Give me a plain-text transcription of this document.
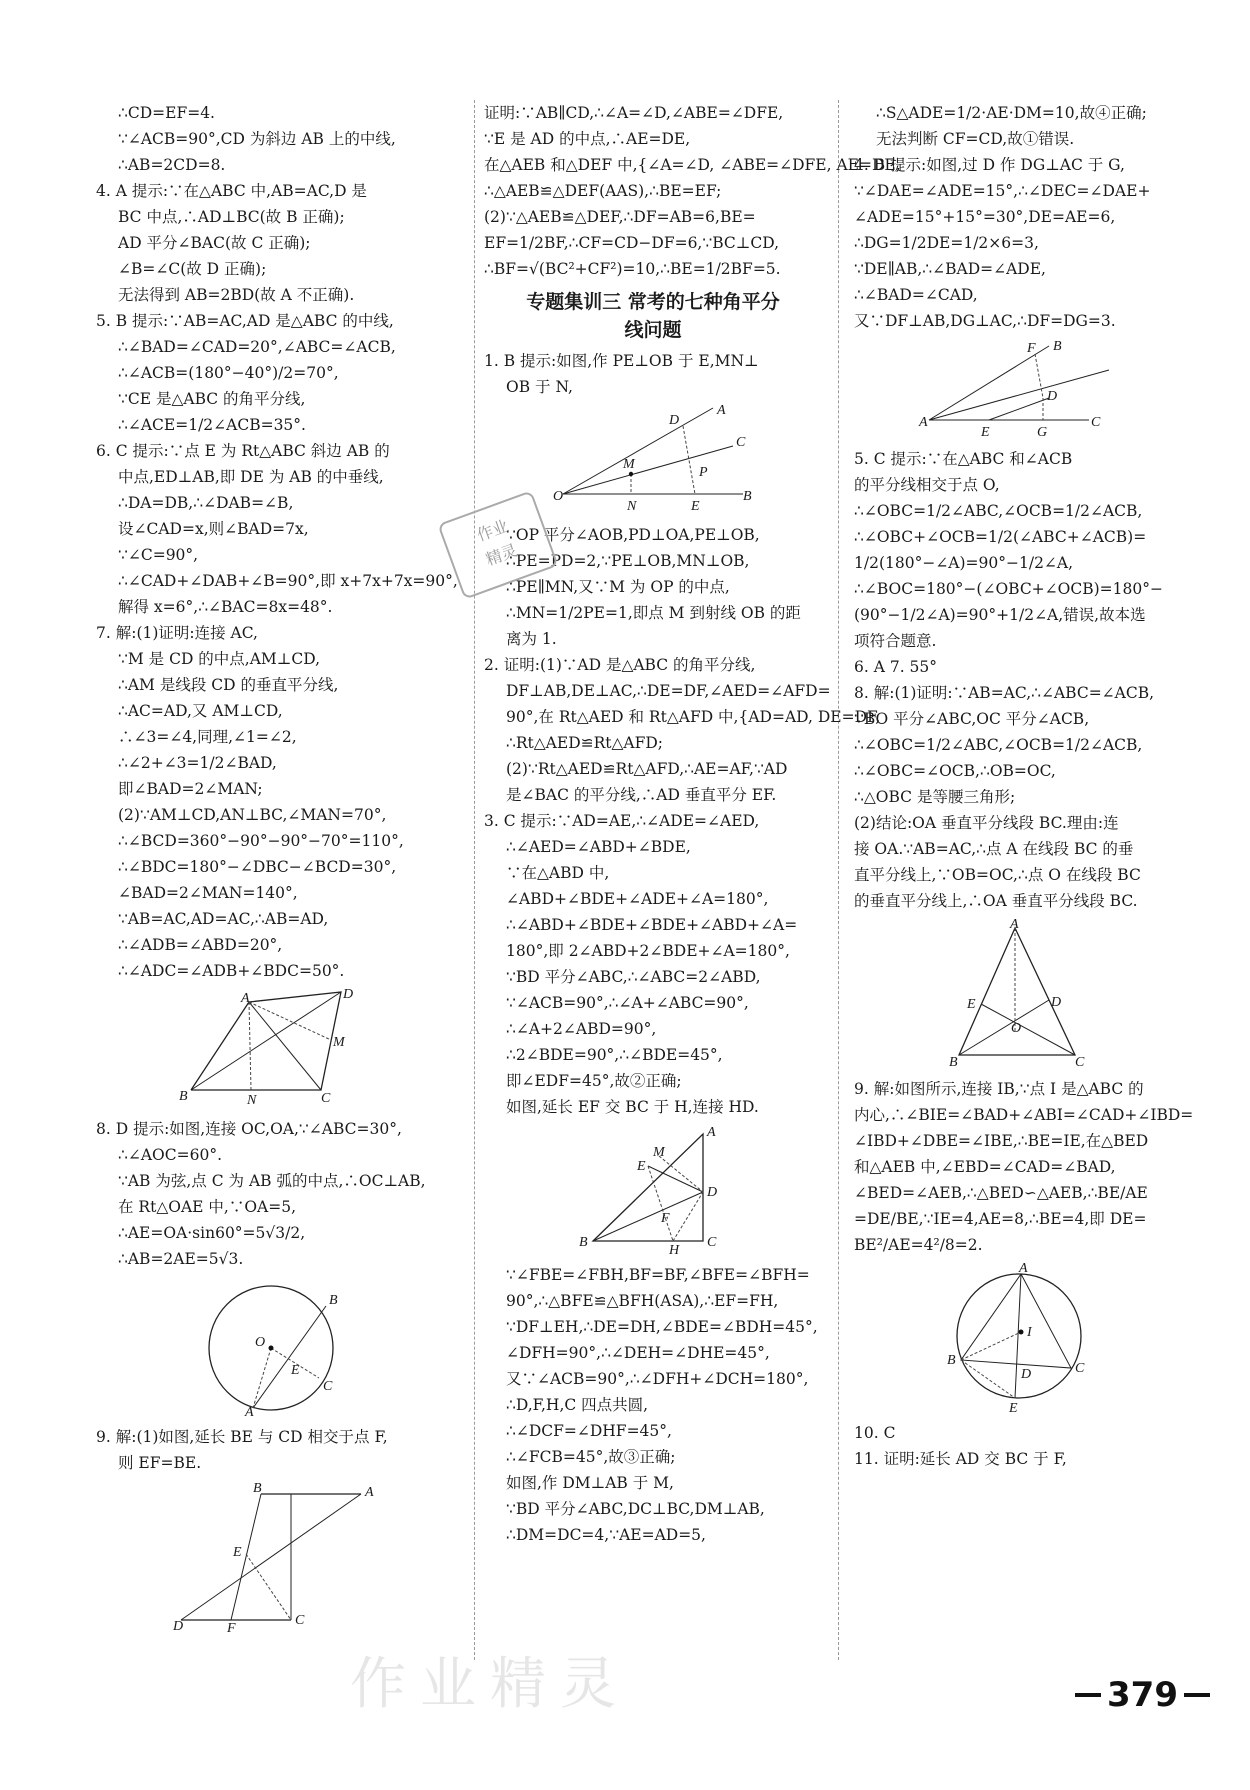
∴CD=EF=4.
∵∠ACB=90°,CD 为斜边 AB 上的中线,
∴AB=2CD=8.
4. A 提示:∵在△ABC 中,AB=AC,D 是
BC 中点,∴AD⊥BC(故 B 正确);
AD 平分∠BAC(故 C 正确);
∠B=∠C(故 D 正确);
无法得到 AB=2BD(故 A 不正确).
5. B 提示:∵AB=AC,AD 是△ABC 的中线,
∴∠BAD=∠CAD=20°,∠ABC=∠ACB,
∴∠ACB=(180°−40°)/2=70°,
∵CE 是△ABC 的角平分线,
∴∠ACE=1/2∠ACB=35°.
6. C 提示:∵点 E 为 Rt△ABC 斜边 AB 的
中点,ED⊥AB,即 DE 为 AB 的中垂线,
∴DA=DB,∴∠DAB=∠B,
设∠CAD=x,则∠BAD=7x,
∵∠C=90°,
∴∠CAD+∠DAB+∠B=90°,即 x+7x+7x=90°,
解得 x=6°,∴∠BAC=8x=48°.
7. 解:(1)证明:连接 AC,
∵M 是 CD 的中点,AM⊥CD,
∴AM 是线段 CD 的垂直平分线,
∴AC=AD,又 AM⊥CD,
∴∠3=∠4,同理,∠1=∠2,
∴∠2+∠3=1/2∠BAD,
即∠BAD=2∠MAN;
(2)∵AM⊥CD,AN⊥BC,∠MAN=70°,
∴∠BCD=360°−90°−90°−70°=110°,
∴∠BDC=180°−∠DBC−∠BCD=30°,
∠BAD=2∠MAN=140°,
∵AB=AC,AD=AC,∴AB=AD,
∴∠ADB=∠ABD=20°,
∴∠ADC=∠ADB+∠BDC=50°.
A
B	C
D
M
N
8. D 提示:如图,连接 OC,OA,∵∠ABC=30°,
∴∠AOC=60°.
∵AB 为弦,点 C 为 AB 弧的中点,∴OC⊥AB,
在 Rt△OAE 中,∵OA=5,
∴AE=OA·sin60°=5√3/2,
∴AB=2AE=5√3.
O
B
C
E
A
9. 解:(1)如图,延长 BE 与 CD 相交于点 F,
则 EF=BE.
B	A
E
D	F
C
证明:∵AB∥CD,∴∠A=∠D,∠ABE=∠DFE,
∵E 是 AD 的中点,∴AE=DE,
在△AEB 和△DEF 中,{∠A=∠D, ∠ABE=∠DFE, AE=DE,
∴△AEB≌△DEF(AAS),∴BE=EF;
(2)∵△AEB≌△DEF,∴DF=AB=6,BE=
EF=1/2BF,∴CF=CD−DF=6,∵BC⊥CD,
∴BF=√(BC²+CF²)=10,∴BE=1/2BF=5.
专题集训三 常考的七种角平分
线问题
1. B 提示:如图,作 PE⊥OB 于 E,MN⊥
OB 于 N,
D
A
C
M
P
O
N	E
B
∵OP 平分∠AOB,PD⊥OA,PE⊥OB,
∴PE=PD=2,∵PE⊥OB,MN⊥OB,
∴PE∥MN,又∵M 为 OP 的中点,
∴MN=1/2PE=1,即点 M 到射线 OB 的距
离为 1.
2. 证明:(1)∵AD 是△ABC 的角平分线,
DF⊥AB,DE⊥AC,∴DE=DF,∠AED=∠AFD=
90°,在 Rt△AED 和 Rt△AFD 中,{AD=AD, DE=DF,
∴Rt△AED≌Rt△AFD;
(2)∵Rt△AED≌Rt△AFD,∴AE=AF,∵AD
是∠BAC 的平分线,∴AD 垂直平分 EF.
3. C 提示:∵AD=AE,∴∠ADE=∠AED,
∴∠AED=∠ABD+∠BDE,
∵在△ABD 中,
∠ABD+∠BDE+∠ADE+∠A=180°,
∴∠ABD+∠BDE+∠BDE+∠ABD+∠A=
180°,即 2∠ABD+2∠BDE+∠A=180°,
∵BD 平分∠ABC,∴∠ABC=2∠ABD,
∵∠ACB=90°,∴∠A+∠ABC=90°,
∴∠A+2∠ABD=90°,
∴2∠BDE=90°,∴∠BDE=45°,
即∠EDF=45°,故②正确;
如图,延长 EF 交 BC 于 H,连接 HD.
A
M
E
D
F
B
H
C
∵∠FBE=∠FBH,BF=BF,∠BFE=∠BFH=
90°,∴△BFE≌△BFH(ASA),∴EF=FH,
∵DF⊥EH,∴DE=DH,∠BDE=∠BDH=45°,
∠DFH=90°,∴∠DEH=∠DHE=45°,
又∵∠ACB=90°,∴∠DFH+∠DCH=180°,
∴D,F,H,C 四点共圆,
∴∠DCF=∠DHF=45°,
∴∠FCB=45°,故③正确;
如图,作 DM⊥AB 于 M,
∵BD 平分∠ABC,DC⊥BC,DM⊥AB,
∴DM=DC=4,∵AE=AD=5,
∴S△ADE=1/2·AE·DM=10,故④正确;
无法判断 CF=CD,故①错误.
4. B 提示:如图,过 D 作 DG⊥AC 于 G,
∵∠DAE=∠ADE=15°,∴∠DEC=∠DAE+
∠ADE=15°+15°=30°,DE=AE=6,
∴DG=1/2DE=1/2×6=3,
∵DE∥AB,∴∠BAD=∠ADE,
∴∠BAD=∠CAD,
又∵DF⊥AB,DG⊥AC,∴DF=DG=3.
A
F B
D
E	G
C
5. C 提示:∵在△ABC 和∠ACB
的平分线相交于点 O,
∴∠OBC=1/2∠ABC,∠OCB=1/2∠ACB,
∴∠OBC+∠OCB=1/2(∠ABC+∠ACB)=
1/2(180°−∠A)=90°−1/2∠A,
∴∠BOC=180°−(∠OBC+∠OCB)=180°−
(90°−1/2∠A)=90°+1/2∠A,错误,故本选
项符合题意.
6. A 7. 55°
8. 解:(1)证明:∵AB=AC,∴∠ABC=∠ACB,
∵BO 平分∠ABC,OC 平分∠ACB,
∴∠OBC=1/2∠ABC,∠OCB=1/2∠ACB,
∴∠OBC=∠OCB,∴OB=OC,
∴△OBC 是等腰三角形;
(2)结论:OA 垂直平分线段 BC.理由:连
接 OA.∵AB=AC,∴点 A 在线段 BC 的垂
直平分线上,∵OB=OC,∴点 O 在线段 BC
的垂直平分线上,∴OA 垂直平分线段 BC.
A
E	D
O
B	C
9. 解:如图所示,连接 IB,∵点 I 是△ABC 的
内心,∴∠BIE=∠BAD+∠ABI=∠CAD+∠IBD=
∠IBD+∠DBE=∠IBE,∴BE=IE,在△BED
和△AEB 中,∠EBD=∠CAD=∠BAD,
∠BED=∠AEB,∴△BED∽△AEB,∴BE/AE
=DE/BE,∵IE=4,AE=8,∴BE=4,即 DE=
BE²/AE=4²/8=2.
A
I
B
C
D
E
10. C
11. 证明:延长 AD 交 BC 于 F,
作业
精灵
作业精灵	379
